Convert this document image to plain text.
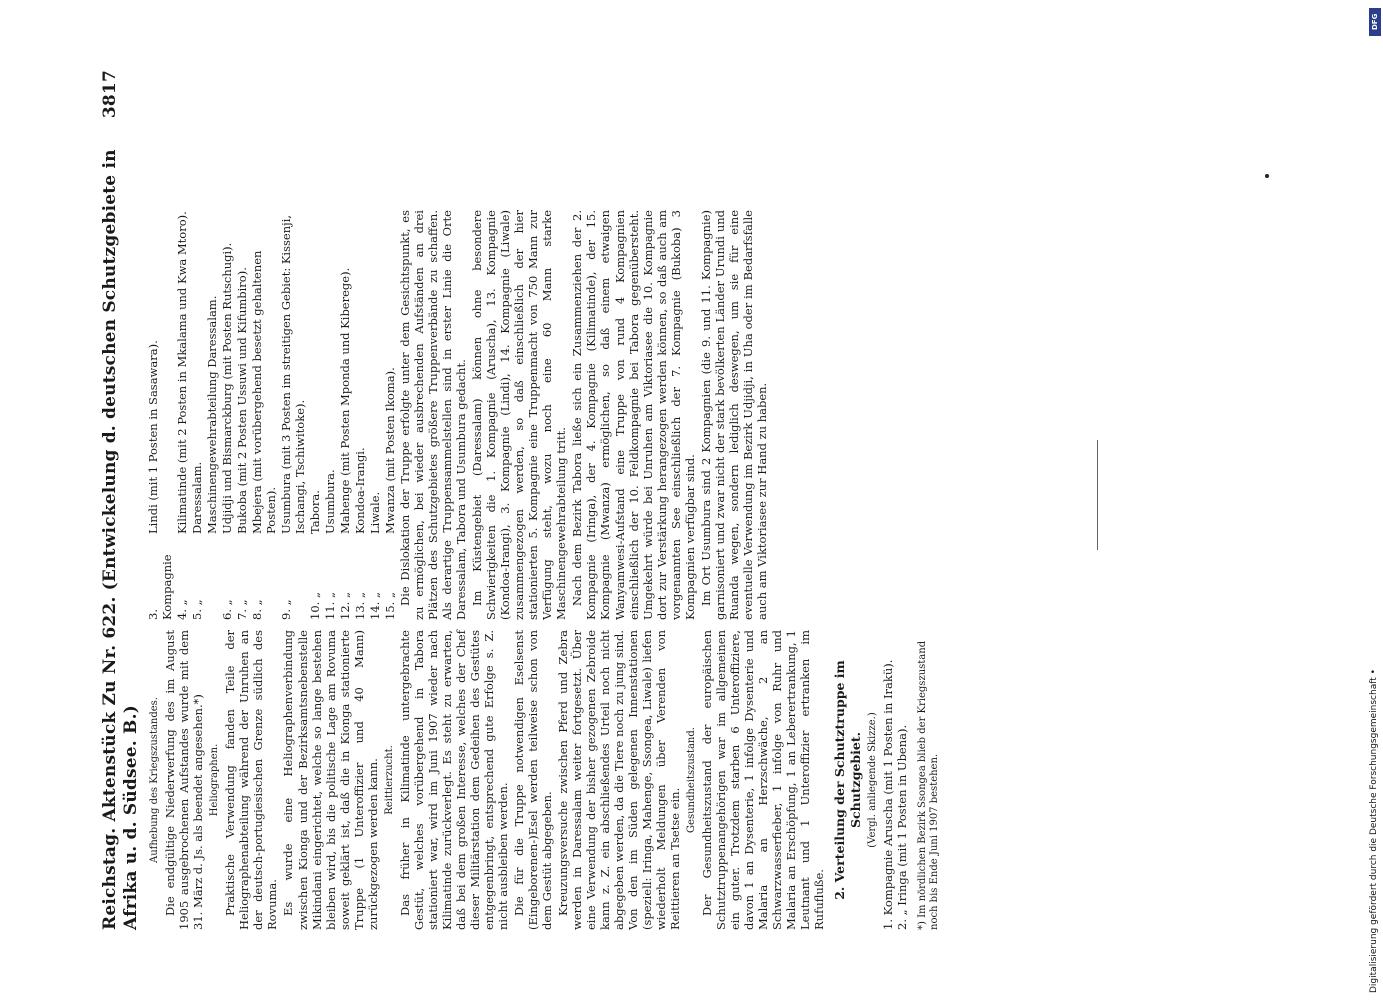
Reichstag. Aktenstück Zu Nr. 622. (Entwickelung d. deutschen Schutzgebiete in Afrika u. d. Südsee. B.)
3817
Aufhebung des Kriegszustandes. Die endgültige Niederwerfung des im August 1905 ausgebrochenen Aufstandes wurde mit dem 31. März d. Js. als beendet angesehen.*) Heliographen. Praktische Verwendung fanden Teile der Heliographenabteilung während der Unruhen an der deutsch-portugiesischen Grenze südlich des Rovuma. Es wurde eine Heliographenverbindung zwischen Kionga und der Bezirksamtsnebenstelle Mikindani eingerichtet, welche so lange bestehen bleiben wird, bis die politische Lage am Rovuma soweit geklärt ist, daß die in Kionga stationierte Truppe (1 Unteroffizier und 40 Mann) zurückgezogen werden kann. Reittierzucht. Das früher in Kilimatinde untergebrachte Gestüt, welches vorübergehend in Tabora stationiert war, wird im Juni 1907 wieder nach Kilimatinde zurückverlegt. Es steht zu erwarten, daß bei dem großen Interesse, welches der Chef dieser Militärstation dem Gedeihen des Gestütes entgegenbringt, entsprechend gute Erfolge s. Z. nicht ausbleiben werden. Die für die Truppe notwendigen Eselsenst (Eingeborenen-)Esel werden teilweise schon von dem Gestüt abgegeben. Kreuzungsversuche zwischen Pferd und Zebra werden in Daressalam weiter fortgesetzt. Über eine Verwendung der bisher gezogenen Zebroide kann z. Z. ein abschließendes Urteil noch nicht abgegeben werden, da die Tiere noch zu jung sind. Von den im Süden gelegenen Innenstationen (speziell: Iringa, Mahenge, Ssongea, Liwale) liefen wiederholt Meldungen über Verenden von Reittieren an Tsetse ein.

Gesundheitszustand. Der Gesundheitszustand der europäischen Schutztruppenangehörigen war im allgemeinen ein guter. Trotzdem starben 6 Unteroffiziere, davon 1 an Dysenterie, 1 infolge Dysenterie und Malaria an Herzschwäche, 2 an Schwarzwasserfieber, 1 infolge von Ruhr und Malaria an Erschöpfung, 1 an Leberertrankung, 1 Leutnant und 1 Unteroffizier ertranken im Rufufluße. 2. Verteilung der Schutztruppe im Schutzgebiet. (Vergl. anliegende Skizze.) 1. Kompagnie Aruscha (mit 1 Posten in Irakü). 2. „ Iringa (mit 1 Posten in Ubena). *) Im nördlichen Bezirk Ssongea blieb der Kriegszustand noch bis Ende Juni 1907 bestehen.
3. Kompagnie
Lindi (mit 1 Posten in Sasawara).
4. „
Kilimatinde (mit 2 Posten in Mkalama und Kwa Mtoro).
5. „
Daressalam. Maschinengewehrabteilung Daressalam.
6. „
Udjidji und Bismarckburg (mit Posten Rutschugi).
7. „
Bukoba (mit 2 Posten Ussuwi und Kifumbiro).
8. „
Mbejera (mit vorübergehend besetzt gehaltenen Posten).
9. „
Usumbura (mit 3 Posten im streitigen Gebiet: Kissenji, Ischangi, Tschiwitoke).
10. „
Tabora.
11. „
Usumbura.
12. „
Mahenge (mit Posten Mponda und Kiberege).
13. „
Kondoa-Irangi.
14. „
Liwale.
15. „
Mwanza (mit Posten Ikoma). Die Dislokation der Truppe erfolgte unter dem Gesichtspunkt, es zu ermöglichen, bei wieder ausbrechenden Aufständen an drei Plätzen des Schutzgebietes größere Truppenverbände zu schaffen. Als derartige Truppensammelstellen sind in erster Linie die Orte Daressalam, Tabora und Usumbura gedacht. Im Küstengebiet (Daressalam) können ohne besondere Schwierigkeiten die 1. Kompagnie (Aruscha), 13. Kompagnie (Kondoa-Irangi), 3. Kompagnie (Lindi), 14. Kompagnie (Liwale) zusammengezogen werden, so daß einschließlich der hier stationierten 5. Kompagnie eine Truppenmacht von 750 Mann zur Verfügung steht, wozu noch eine 60 Mann starke Maschinengewehrabteilung tritt. Nach dem Bezirk Tabora ließe sich ein Zusammenziehen der 2. Kompagnie (Iringa), der 4. Kompagnie (Kilimatinde), der 15. Kompagnie (Mwanza) ermöglichen, so daß einem etwaigen Wanyamwesi-Aufstand eine Truppe von rund 4 Kompagnien einschließlich der 10. Feldkompagnie bei Tabora gegenübersteht. Umgekehrt würde bei Unruhen am Viktoriasee die 10. Kompagnie dort zur Verstärkung herangezogen werden können, so daß auch am vorgenannten See einschließlich der 7. Kompagnie (Bukoba) 3 Kompagnien verfügbar sind. Im Ort Usumbura sind 2 Kompagnien (die 9. und 11. Kompagnie) garnisoniert und zwar nicht der stark bevölkerten Länder Urundi und Ruanda wegen, sondern lediglich deswegen, um sie für eine eventuelle Verwendung im Bezirk Udjidji, in Uha oder im Bedarfsfalle auch am Viktoriasee zur Hand zu haben.

DFG
Digitalisierung gefördert durch die Deutsche Forschungsgemeinschaft •
